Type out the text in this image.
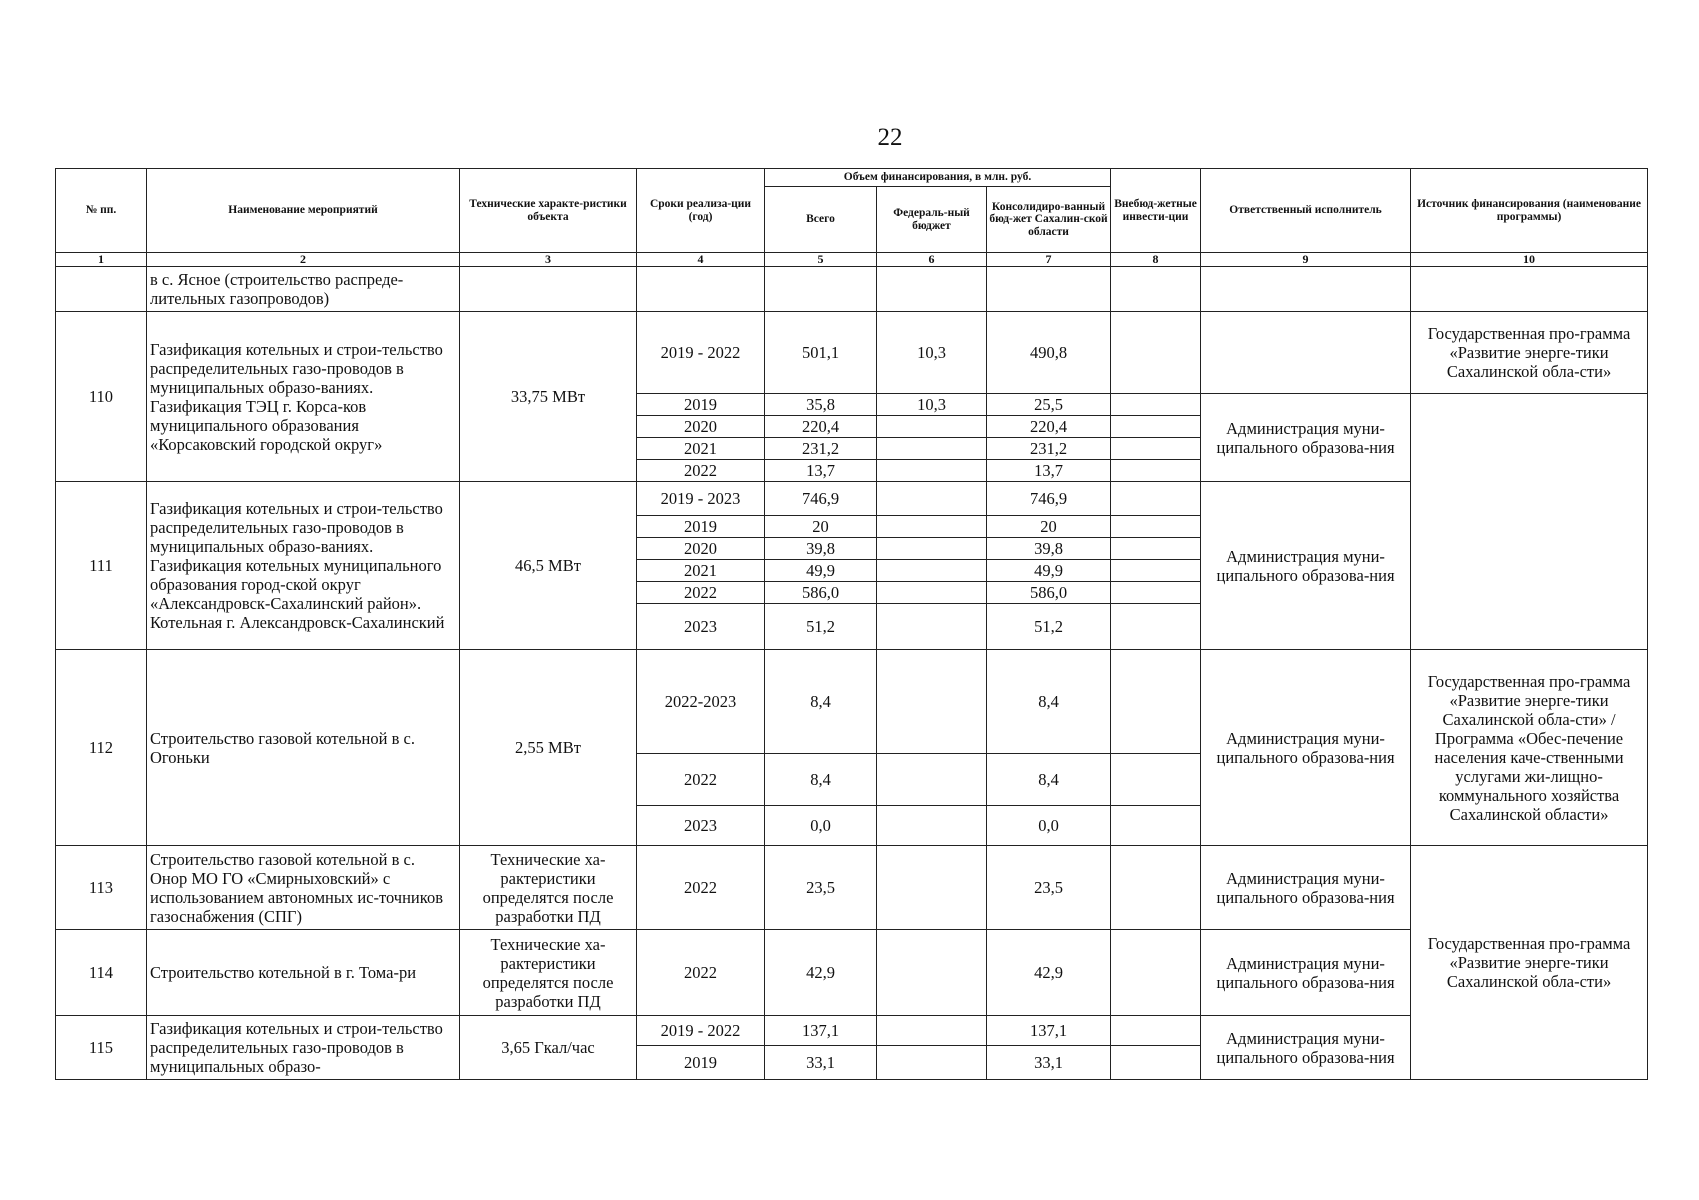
22
№ пп.	Наименование мероприятий	Технические характе-ристики объекта	Сроки реализа-ции (год)	Объем финансирования, в млн. руб.			Внебюд-жетные инвести-ции	Ответственный исполнитель	Источник финансирования (наименование программы)
				Всего	Федераль-ный бюджет	Консолидиро-ванный бюд-жет Сахалин-ской области			
1	2	3	4	5	6	7	8	9	10
	в с. Ясное (строительство распреде-лительных газопроводов)								
110	Газификация котельных и строи-тельство распределительных газо-проводов в муниципальных образо-ваниях. Газификация ТЭЦ г. Корса-ков муниципального образования «Корсаковский городской округ»	33,75 МВт	2019 - 2022	501,1	10,3	490,8			Государственная про-грамма «Развитие энерге-тики Сахалинской обла-сти»
			2019	35,8	10,3	25,5		Администрация муни-ципального образова-ния	
			2020	220,4		220,4			
			2021	231,2		231,2			
			2022	13,7		13,7			
111	Газификация котельных и строи-тельство распределительных газо-проводов в муниципальных образо-ваниях. Газификация котельных муниципального образования город-ской округ «Александровск-Сахалинский район». Котельная г. Александровск-Сахалинский	46,5 МВт	2019 - 2023	746,9		746,9		Администрация муни-ципального образова-ния	
			2019	20		20			
			2020	39,8		39,8			
			2021	49,9		49,9			
			2022	586,0		586,0			
			2023	51,2		51,2			
112	Строительство газовой котельной в с. Огоньки	2,55 МВт	2022-2023	8,4		8,4		Администрация муни-ципального образова-ния	Государственная про-грамма «Развитие энерге-тики Сахалинской обла-сти» / Программа «Обес-печение населения каче-ственными услугами жи-лищно-коммунального хозяйства Сахалинской области»
			2022	8,4		8,4			
			2023	0,0		0,0			
113	Строительство газовой котельной в с. Онор МО ГО «Смирныховский» с использованием автономных ис-точников газоснабжения (СПГ)	Технические ха-рактеристики определятся после разработки ПД	2022	23,5		23,5		Администрация муни-ципального образова-ния	Государственная про-грамма «Развитие энерге-тики Сахалинской обла-сти»
114	Строительство котельной в г. Тома-ри	Технические ха-рактеристики определятся после разработки ПД	2022	42,9		42,9		Администрация муни-ципального образова-ния	
115	Газификация котельных и строи-тельство распределительных газо-проводов в муниципальных образо-	3,65 Гкал/час	2019 - 2022	137,1		137,1		Администрация муни-ципального образова-ния	
			2019	33,1		33,1			
